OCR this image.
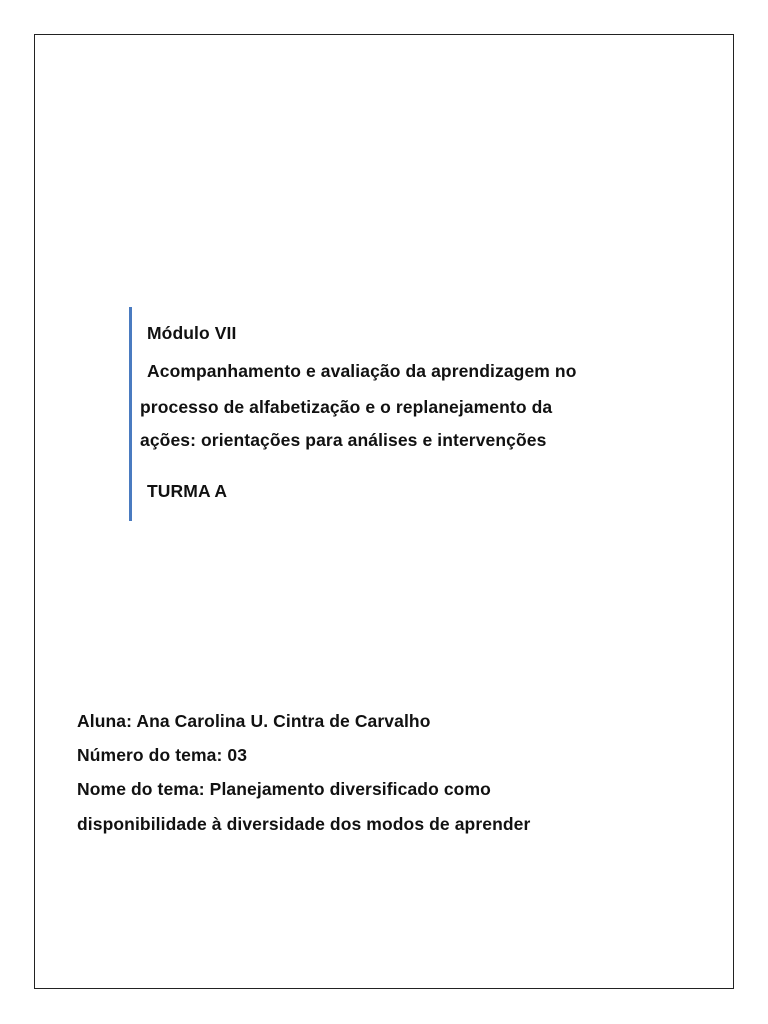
Módulo VII

Acompanhamento e avaliação da aprendizagem no

processo de alfabetização e o replanejamento da

ações: orientações para análises e intervenções

TURMA A

Aluna: Ana Carolina U. Cintra de Carvalho

Número do tema: 03

Nome do tema: Planejamento diversificado como

disponibilidade à diversidade dos modos de aprender
